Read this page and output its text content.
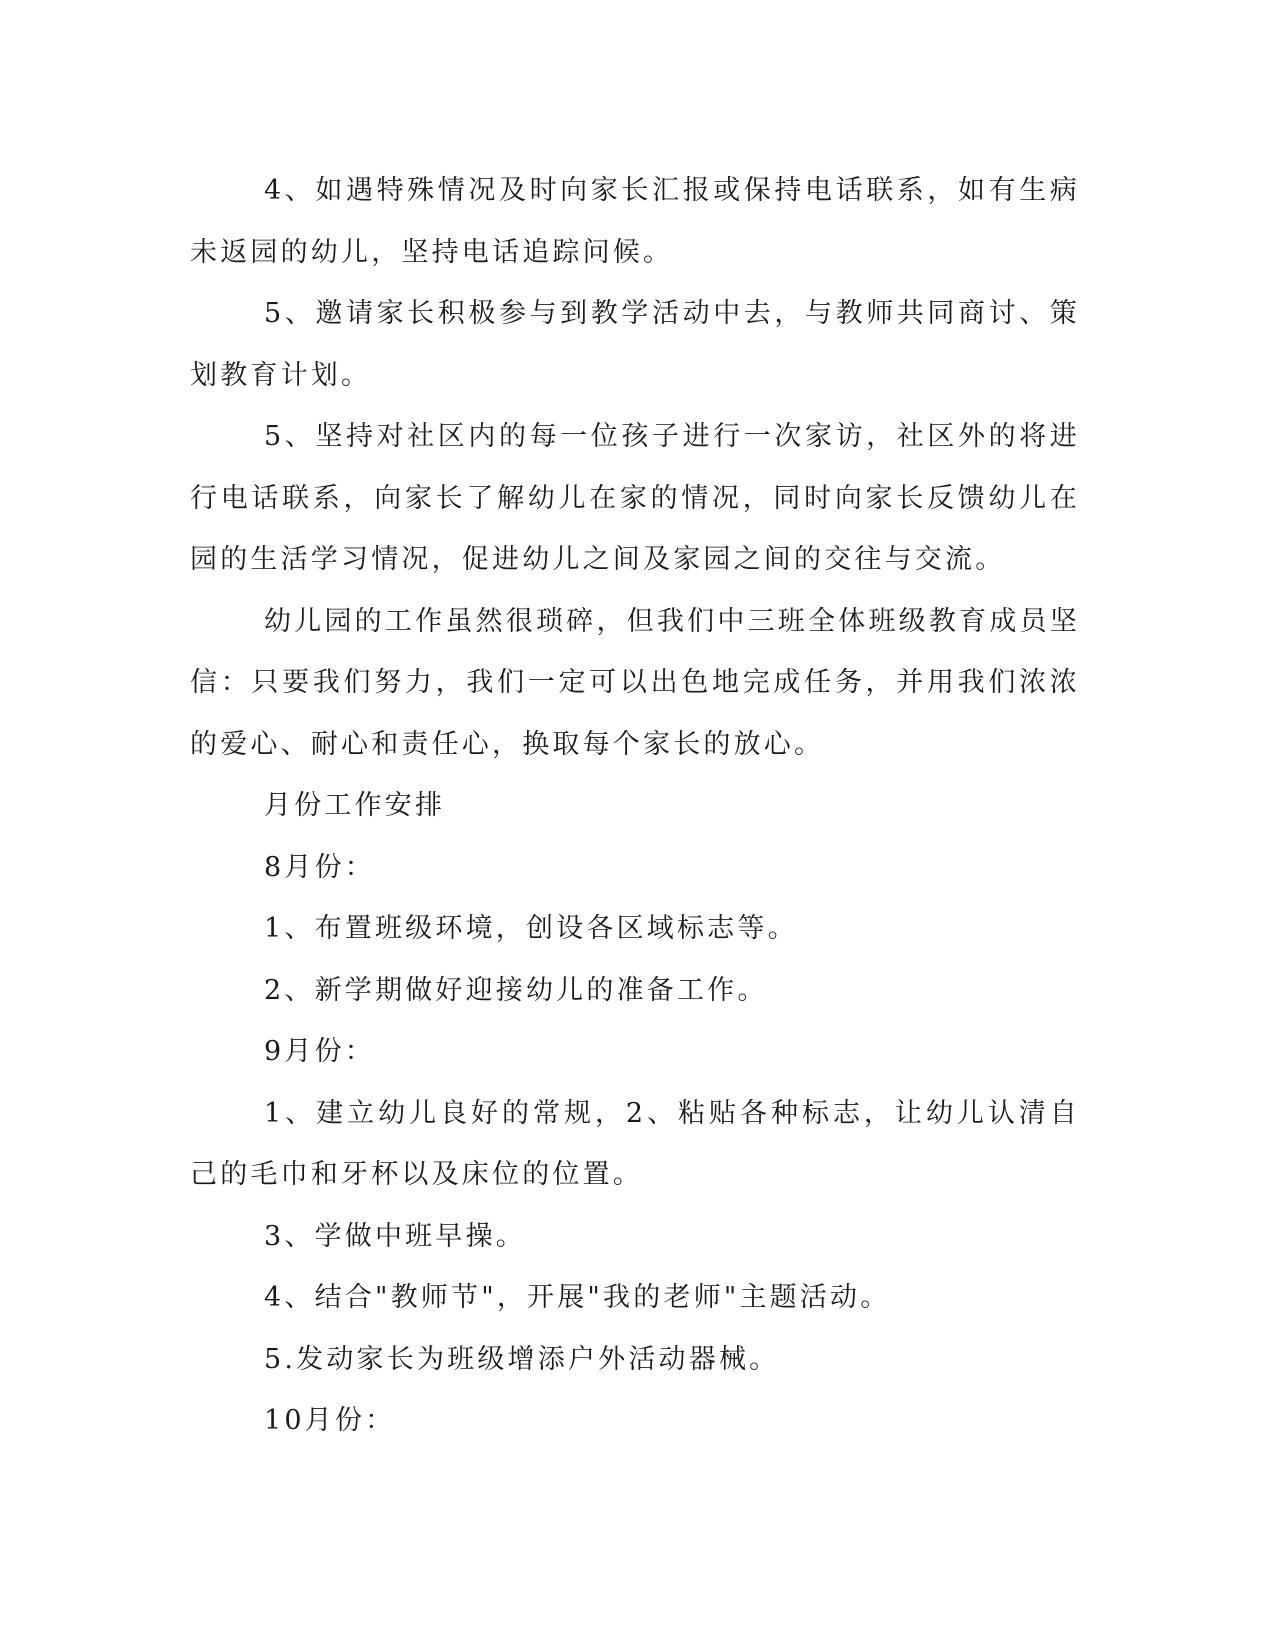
4、如遇特殊情况及时向家长汇报或保持电话联系，如有生病未返园的幼儿，坚持电话追踪问候。

5、邀请家长积极参与到教学活动中去，与教师共同商讨、策划教育计划。

5、坚持对社区内的每一位孩子进行一次家访，社区外的将进行电话联系，向家长了解幼儿在家的情况，同时向家长反馈幼儿在园的生活学习情况，促进幼儿之间及家园之间的交往与交流。

幼儿园的工作虽然很琐碎，但我们中三班全体班级教育成员坚信：只要我们努力，我们一定可以出色地完成任务，并用我们浓浓的爱心、耐心和责任心，换取每个家长的放心。

月份工作安排

8月份：

1、布置班级环境，创设各区域标志等。

2、新学期做好迎接幼儿的准备工作。

9月份：

1、建立幼儿良好的常规，2、粘贴各种标志，让幼儿认清自己的毛巾和牙杯以及床位的位置。

3、学做中班早操。

4、结合"教师节"，开展"我的老师"主题活动。

5.发动家长为班级增添户外活动器械。

10月份：
